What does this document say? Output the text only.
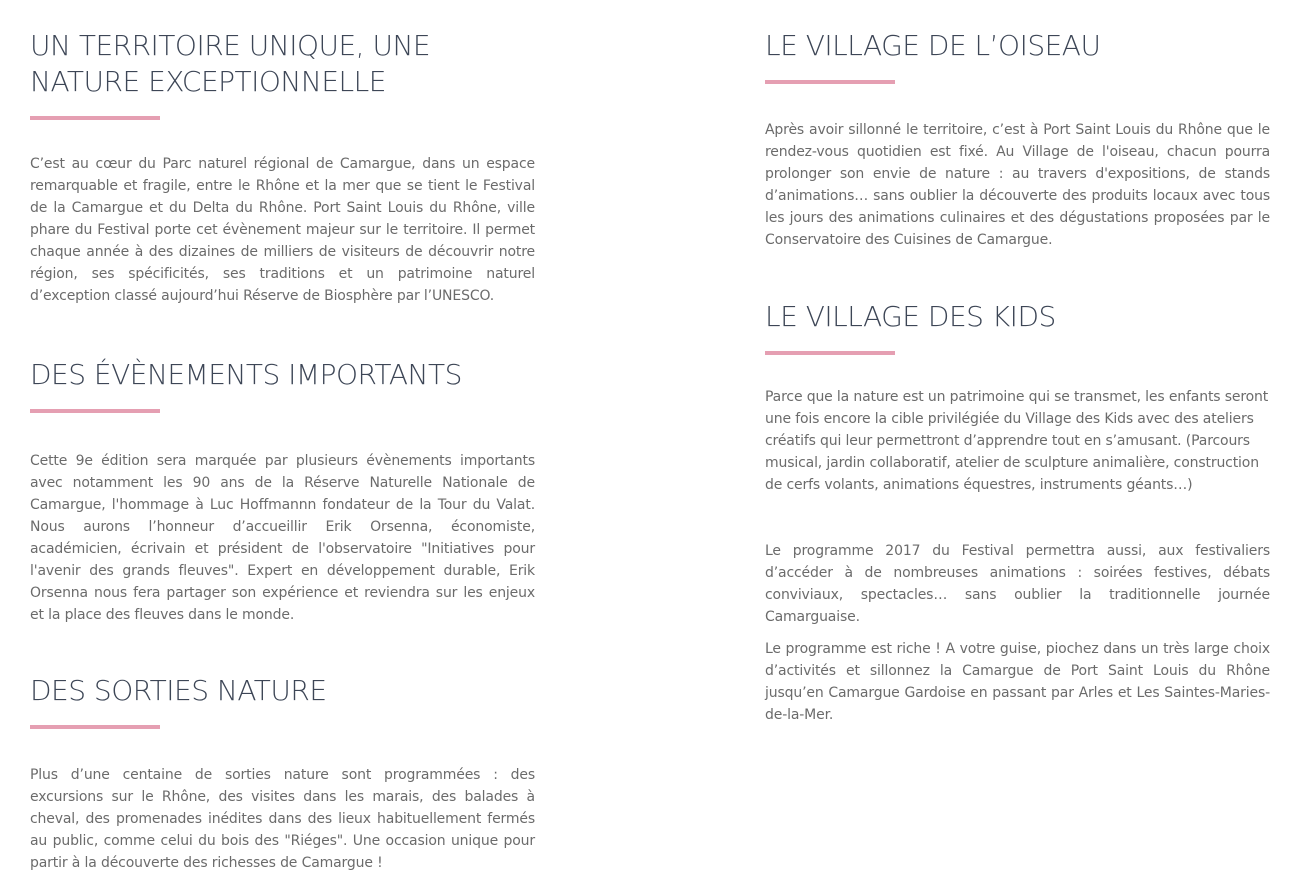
UN TERRITOIRE UNIQUE, UNE NATURE EXCEPTIONNELLE

C’est au cœur du Parc naturel régional de Camargue, dans un espace remarquable et fragile, entre le Rhône et la mer que se tient le Festival de la Camargue et du Delta du Rhône. Port Saint Louis du Rhône, ville phare du Festival porte cet évènement majeur sur le territoire. Il permet chaque année à des dizaines de milliers de visiteurs de découvrir notre région, ses spécificités, ses traditions et un patrimoine naturel d’exception classé aujourd’hui Réserve de Biosphère par l’UNESCO.

DES ÉVÈNEMENTS IMPORTANTS

Cette 9e édition sera marquée par plusieurs évènements importants avec notamment les 90 ans de la Réserve Naturelle Nationale de Camargue, l'hommage à Luc Hoffmannn fondateur de la Tour du Valat. Nous aurons l’honneur d’accueillir Erik Orsenna, économiste, académicien, écrivain et président de l'observatoire "Initiatives pour l'avenir des grands fleuves". Expert en développement durable, Erik Orsenna nous fera partager son expérience et reviendra sur les enjeux et la place des fleuves dans le monde.

DES SORTIES NATURE

Plus d’une centaine de sorties nature sont programmées : des excursions sur le Rhône, des visites dans les marais, des balades à cheval, des promenades inédites dans des lieux habituellement fermés au public, comme celui du bois des "Riéges". Une occasion unique pour partir à la découverte des richesses de Camargue !

LE VILLAGE DE L’OISEAU

Après avoir sillonné le territoire, c’est à Port Saint Louis du Rhône que le rendez-vous quotidien est fixé. Au Village de l'oiseau, chacun pourra prolonger son envie de nature : au travers d'expositions, de stands d’animations… sans oublier la découverte des produits locaux avec tous les jours des animations culinaires et des dégustations proposées par le Conservatoire des Cuisines de Camargue.

LE VILLAGE DES KIDS

Parce que la nature est un patrimoine qui se transmet, les enfants seront une fois encore la cible privilégiée du Village des Kids avec des ateliers créatifs qui leur permettront d’apprendre tout en s’amusant. (Parcours musical, jardin collaboratif, atelier de sculpture animalière, construction de cerfs volants, animations équestres, instruments géants…)

Le programme 2017 du Festival permettra aussi, aux festivaliers d’accéder à de nombreuses animations : soirées festives, débats conviviaux, spectacles… sans oublier la traditionnelle journée Camarguaise.

Le programme est riche ! A votre guise, piochez dans un très large choix d’activités et sillonnez la Camargue de Port Saint Louis du Rhône jusqu’en Camargue Gardoise en passant par Arles et Les Saintes-Maries-de-la-Mer.
